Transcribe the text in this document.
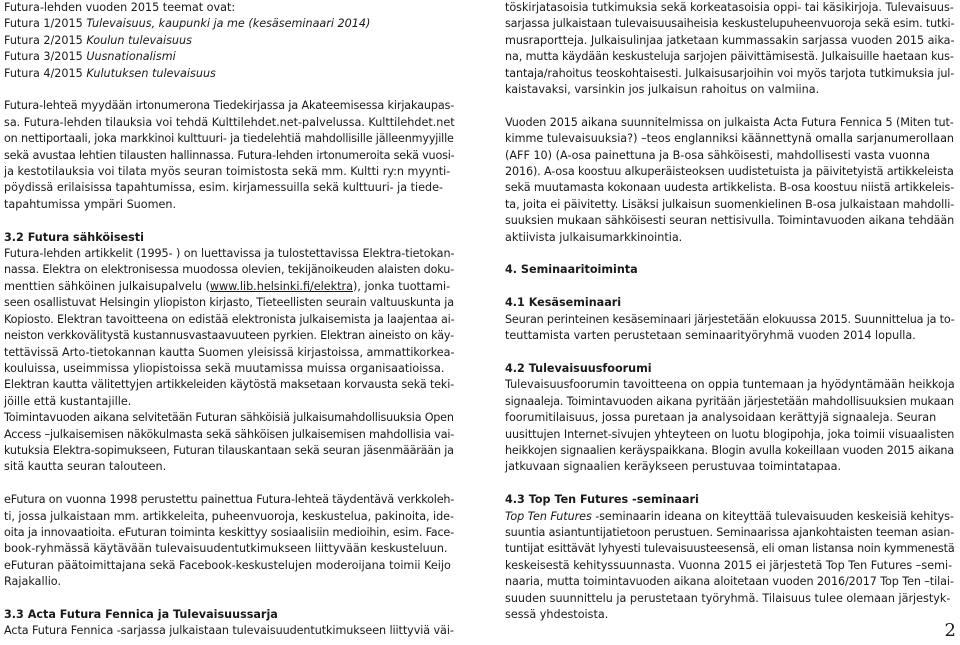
Futura-lehden vuoden 2015 teemat ovat:

Futura 1/2015 Tulevaisuus, kaupunki ja me (kesäseminaari 2014)

Futura 2/2015 Koulun tulevaisuus

Futura 3/2015 Uusnationalismi

Futura 4/2015 Kulutuksen tulevaisuus

Futura-lehteä myydään irtonumerona Tiedekirjassa ja Akateemisessa kirjakaupas-

sa. Futura-lehden tilauksia voi tehdä Kulttilehdet.net-palvelussa. Kulttilehdet.net

on nettiportaali, joka markkinoi kulttuuri- ja tiedelehtiä mahdollisille jälleenmyyjille

sekä avustaa lehtien tilausten hallinnassa. Futura-lehden irtonumeroita sekä vuosi-

ja kestotilauksia voi tilata myös seuran toimistosta sekä mm. Kultti ry:n myynti-

pöydissä erilaisissa tapahtumissa, esim. kirjamessuilla sekä kulttuuri- ja tiede-

tapahtumissa ympäri Suomen.

3.2 Futura sähköisesti

Futura-lehden artikkelit (1995- ) on luettavissa ja tulostettavissa Elektra-tietokan-

nassa. Elektra on elektronisessa muodossa olevien, tekijänoikeuden alaisten doku-

menttien sähköinen julkaisupalvelu (www.lib.helsinki.fi/elektra), jonka tuottami-

seen osallistuvat Helsingin yliopiston kirjasto, Tieteellisten seurain valtuuskunta ja

Kopiosto. Elektran tavoitteena on edistää elektronista julkaisemista ja laajentaa ai-

neiston verkkovälitystä kustannusvastaavuuteen pyrkien. Elektran aineisto on käy-

tettävissä Arto-tietokannan kautta Suomen yleisissä kirjastoissa, ammattikorkea-

kouluissa, useimmissa yliopistoissa sekä muutamissa muissa organisaatioissa.

Elektran kautta välitettyjen artikkeleiden käytöstä maksetaan korvausta sekä teki-

jöille että kustantajille.

Toimintavuoden aikana selvitetään Futuran sähköisiä julkaisumahdollisuuksia Open

Access –julkaisemisen näkökulmasta sekä sähköisen julkaisemisen mahdollisia vai-

kutuksia Elektra-sopimukseen, Futuran tilauskantaan sekä seuran jäsenmäärään ja

sitä kautta seuran talouteen.

eFutura on vuonna 1998 perustettu painettua Futura-lehteä täydentävä verkkoleh-

ti, jossa julkaistaan mm. artikkeleita, puheenvuoroja, keskustelua, pakinoita, ide-

oita ja innovaatioita. eFuturan toiminta keskittyy sosiaalisiin medioihin, esim. Face-

book-ryhmässä käytävään tulevaisuudentutkimukseen liittyvään keskusteluun.

eFuturan päätoimittajana sekä Facebook-keskustelujen moderoijana toimii Keijo

Rajakallio.

3.3 Acta Futura Fennica ja Tulevaisuussarja

Acta Futura Fennica -sarjassa julkaistaan tulevaisuudentutkimukseen liittyviä väi-

töskirjatasoisia tutkimuksia sekä korkeatasoisia oppi- tai käsikirjoja. Tulevaisuus-

sarjassa julkaistaan tulevaisuusaiheisia keskustelupuheenvuoroja sekä esim. tutki-

musraportteja. Julkaisulinjaa jatketaan kummassakin sarjassa vuoden 2015 aika-

na, mutta käydään keskusteluja sarjojen päivittämisestä. Julkaisuille haetaan kus-

tantaja/rahoitus teoskohtaisesti. Julkaisusarjoihin voi myös tarjota tutkimuksia jul-

kaistavaksi, varsinkin jos julkaisun rahoitus on valmiina.

Vuoden 2015 aikana suunnitelmissa on julkaista Acta Futura Fennica 5 (Miten tut-

kimme tulevaisuuksia?) –teos englanniksi käännettynä omalla sarjanumerollaan

(AFF 10) (A-osa painettuna ja B-osa sähköisesti, mahdollisesti vasta vuonna

2016). A-osa koostuu alkuperäisteoksen uudistetuista ja päivitetyistä artikkeleista

sekä muutamasta kokonaan uudesta artikkelista. B-osa koostuu niistä artikkeleis-

ta, joita ei päivitetty. Lisäksi julkaisun suomenkielinen B-osa julkaistaan mahdolli-

suuksien mukaan sähköisesti seuran nettisivulla. Toimintavuoden aikana tehdään

aktiivista julkaisumarkkinointia.

4. Seminaaritoiminta
4.1 Kesäseminaari

Seuran perinteinen kesäseminaari järjestetään elokuussa 2015. Suunnittelua ja to-

teuttamista varten perustetaan seminaarityöryhmä vuoden 2014 lopulla.

4.2 Tulevaisuusfoorumi

Tulevaisuusfoorumin tavoitteena on oppia tuntemaan ja hyödyntämään heikkoja

signaaleja. Toimintavuoden aikana pyritään järjestetään mahdollisuuksien mukaan

foorumitilaisuus, jossa puretaan ja analysoidaan kerättyjä signaaleja. Seuran

uusittujen Internet-sivujen yhteyteen on luotu blogipohja, joka toimii visuaalisten

heikkojen signaalien keräyspaikkana. Blogin avulla kokeillaan vuoden 2015 aikana

jatkuvaan signaalien keräykseen perustuvaa toimintatapaa.

4.3 Top Ten Futures -seminaari

Top Ten Futures -seminaarin ideana on kiteyttää tulevaisuuden keskeisiä kehitys-

suuntia asiantuntijatietoon perustuen. Seminaarissa ajankohtaisten teeman asian-

tuntijat esittävät lyhyesti tulevaisuusteesensä, eli oman listansa noin kymmenestä

keskeisestä kehityssuunnasta. Vuonna 2015 ei järjestetä Top Ten Futures –semi-

naaria, mutta toimintavuoden aikana aloitetaan vuoden 2016/2017 Top Ten –tilai-

suuden suunnittelu ja perustetaan työryhmä. Tilaisuus tulee olemaan järjestyk-

sessä yhdestoista.

2
